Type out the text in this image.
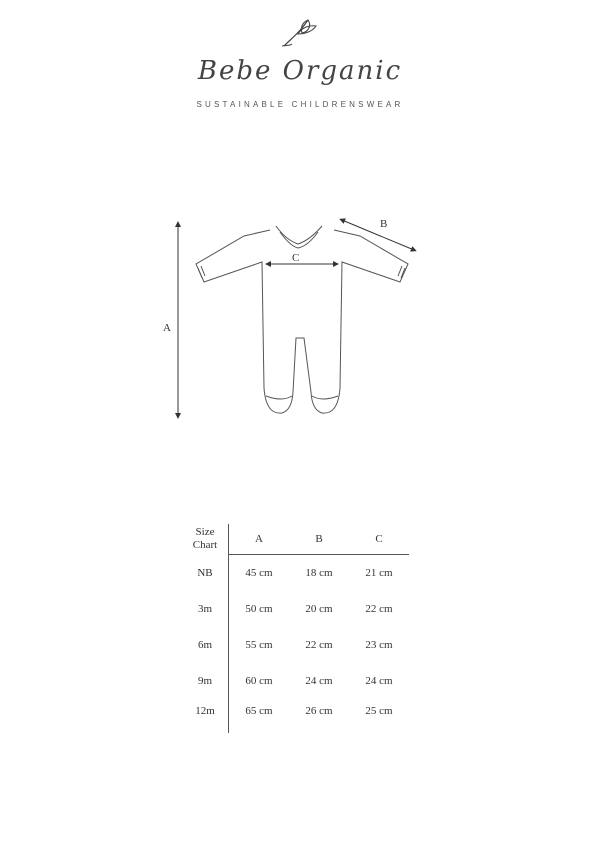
Bebe Organic
SUSTAINABLE CHILDRENSWEAR
A
B
C
Size Chart	A	B	C
NB	45 cm	18 cm	21 cm
3m	50 cm	20 cm	22 cm
6m	55 cm	22 cm	23 cm
9m	60 cm	24 cm	24 cm
12m	65 cm	26 cm	25 cm
